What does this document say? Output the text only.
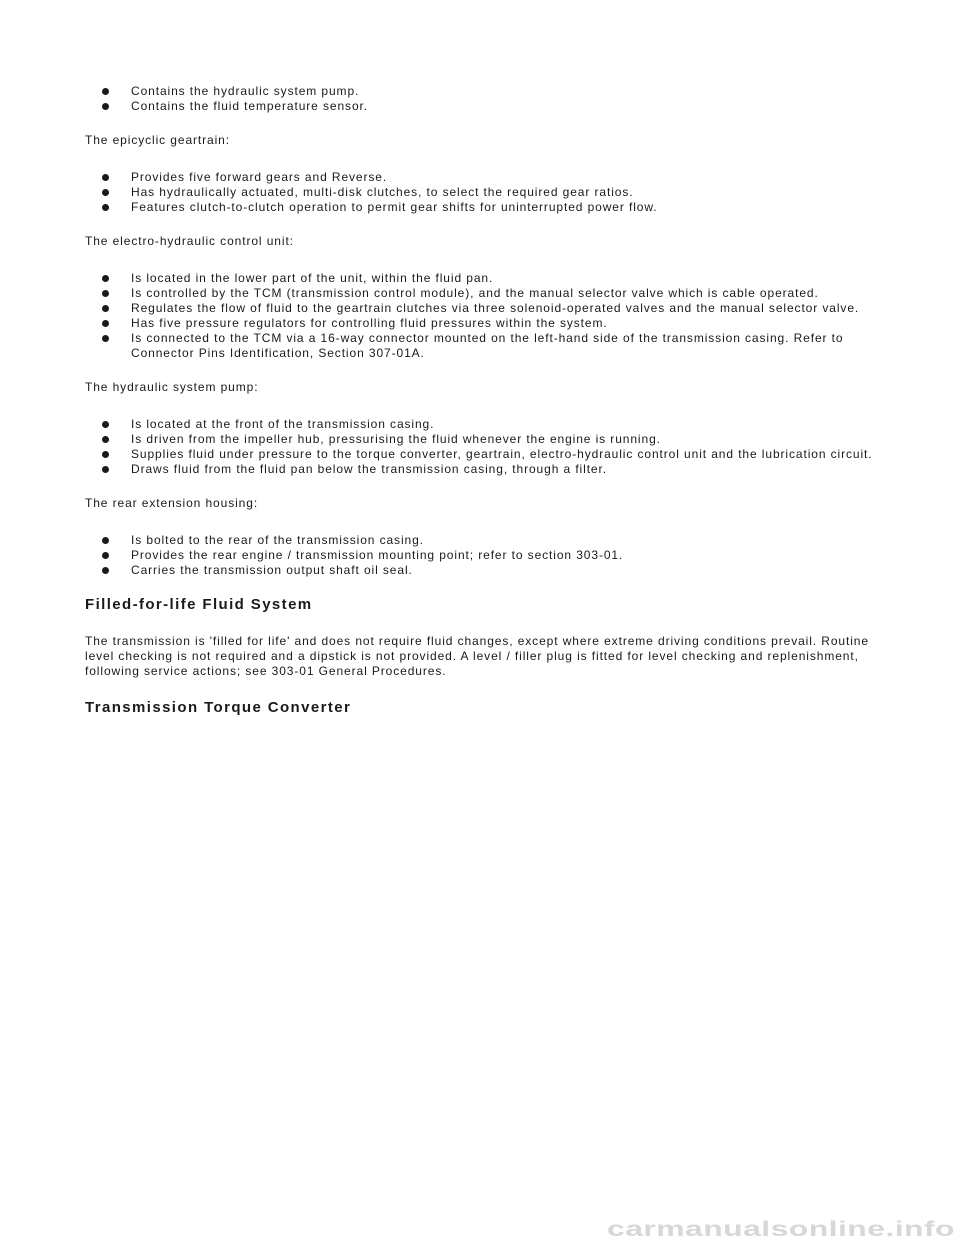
Contains the hydraulic system pump.
Contains the fluid temperature sensor.

The epicyclic geartrain:

Provides five forward gears and Reverse.
Has hydraulically actuated, multi-disk clutches, to select the required gear ratios.
Features clutch-to-clutch operation to permit gear shifts for uninterrupted power flow.

The electro-hydraulic control unit:

Is located in the lower part of the unit, within the fluid pan.
Is controlled by the TCM (transmission control module), and the manual selector valve which is cable operated.
Regulates the flow of fluid to the geartrain clutches via three solenoid-operated valves and the manual selector valve.
Has five pressure regulators for controlling fluid pressures within the system.
Is connected to the TCM via a 16-way connector mounted on the left-hand side of the transmission casing. Refer to Connector Pins Identification, Section 307-01A.

The hydraulic system pump:

Is located at the front of the transmission casing.
Is driven from the impeller hub, pressurising the fluid whenever the engine is running.
Supplies fluid under pressure to the torque converter, geartrain, electro-hydraulic control unit and the lubrication circuit.
Draws fluid from the fluid pan below the transmission casing, through a filter.

The rear extension housing:

Is bolted to the rear of the transmission casing.
Provides the rear engine / transmission mounting point; refer to section 303-01.
Carries the transmission output shaft oil seal.
Filled-for-life Fluid System

The transmission is 'filled for life' and does not require fluid changes, except where extreme driving conditions prevail. Routine level checking is not required and a dipstick is not provided. A level / filler plug is fitted for level checking and replenishment, following service actions; see 303-01 General Procedures.

Transmission Torque Converter
carmanualsonline.info
